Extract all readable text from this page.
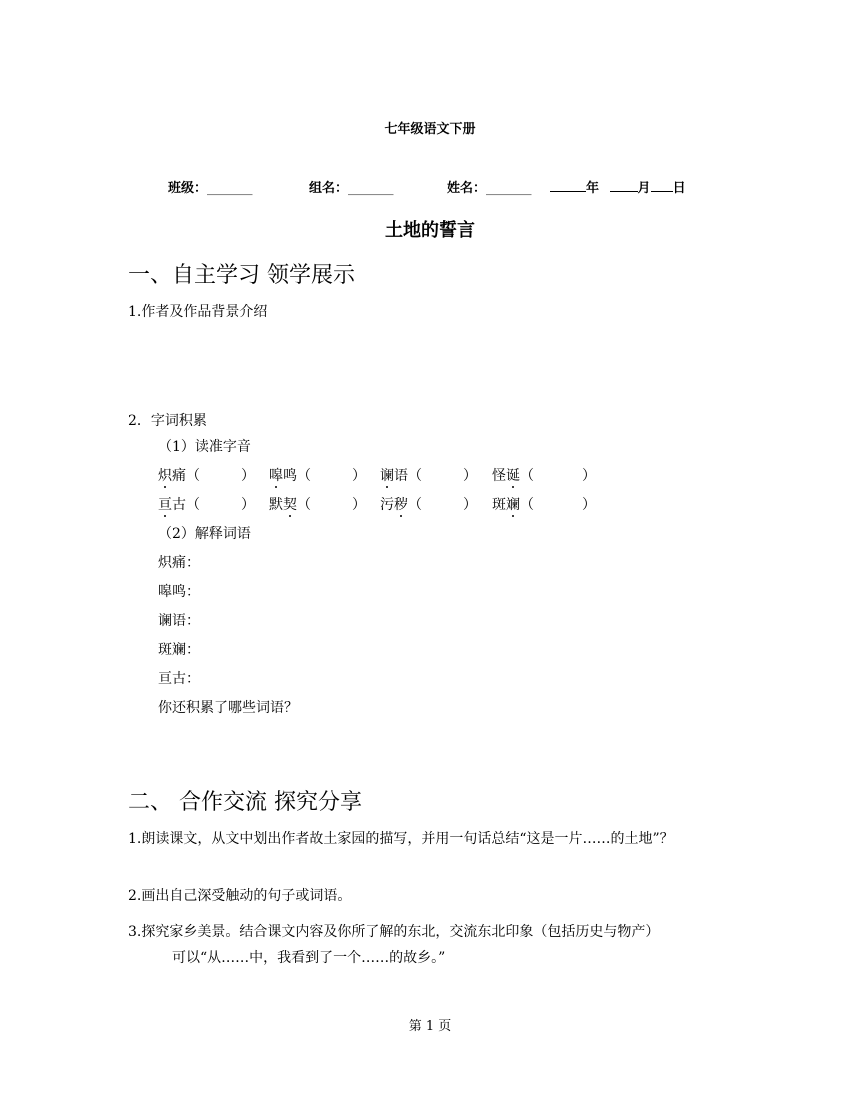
七年级语文下册
班级：_______	组名：_______	姓名：_______	年	月 日
土地的誓言
一、自主学习 领学展示
1.作者及作品背景介绍
2．字词积累
（1）读准字音
炽痛（	） 嗥鸣（	） 谰语（	） 怪诞（	）
亘古（	） 默契（	） 污秽（	） 斑斓（	）
（2）解释词语
炽痛：
嗥鸣：
谰语：
斑斓：
亘古：
你还积累了哪些词语？
二、 合作交流 探究分享
1.朗读课文，从文中划出作者故土家园的描写，并用一句话总结“这是一片……的土地”？
2.画出自己深受触动的句子或词语。
3.探究家乡美景。结合课文内容及你所了解的东北，交流东北印象（包括历史与物产）
可以“从……中，我看到了一个……的故乡。”
第 1 页
